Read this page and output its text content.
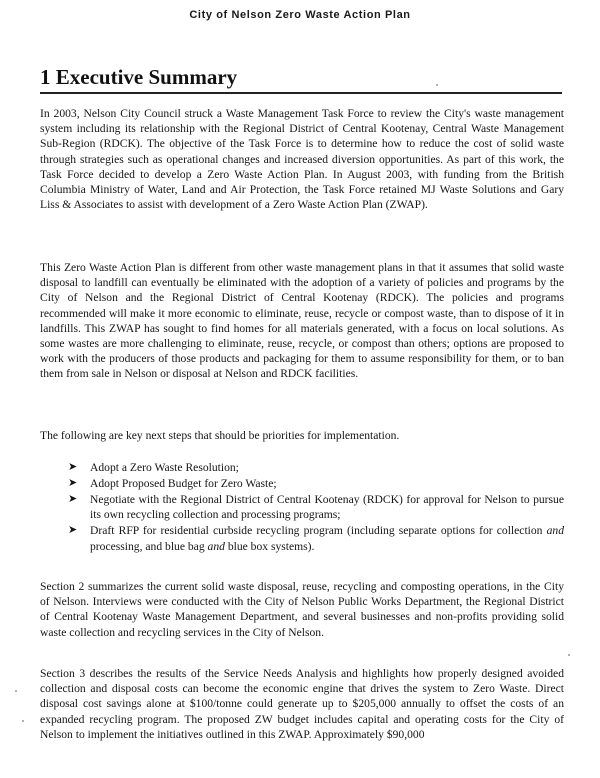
City of Nelson Zero Waste Action Plan
1 Executive Summary

In 2003, Nelson City Council struck a Waste Management Task Force to review the City's waste management system including its relationship with the Regional District of Central Kootenay, Central Waste Management Sub-Region (RDCK). The objective of the Task Force is to determine how to reduce the cost of solid waste through strategies such as operational changes and increased diversion opportunities. As part of this work, the Task Force decided to develop a Zero Waste Action Plan. In August 2003, with funding from the British Columbia Ministry of Water, Land and Air Protection, the Task Force retained MJ Waste Solutions and Gary Liss & Associates to assist with development of a Zero Waste Action Plan (ZWAP).

This Zero Waste Action Plan is different from other waste management plans in that it assumes that solid waste disposal to landfill can eventually be eliminated with the adoption of a variety of policies and programs by the City of Nelson and the Regional District of Central Kootenay (RDCK). The policies and programs recommended will make it more economic to eliminate, reuse, recycle or compost waste, than to dispose of it in landfills. This ZWAP has sought to find homes for all materials generated, with a focus on local solutions. As some wastes are more challenging to eliminate, reuse, recycle, or compost than others; options are proposed to work with the producers of those products and packaging for them to assume responsibility for them, or to ban them from sale in Nelson or disposal at Nelson and RDCK facilities.

The following are key next steps that should be priorities for implementation.

➤ Adopt a Zero Waste Resolution;
➤ Adopt Proposed Budget for Zero Waste;
➤ Negotiate with the Regional District of Central Kootenay (RDCK) for approval for Nelson to pursue its own recycling collection and processing programs;
➤ Draft RFP for residential curbside recycling program (including separate options for collection and processing, and blue bag and blue box systems).

Section 2 summarizes the current solid waste disposal, reuse, recycling and composting operations, in the City of Nelson. Interviews were conducted with the City of Nelson Public Works Department, the Regional District of Central Kootenay Waste Management Department, and several businesses and non-profits providing solid waste collection and recycling services in the City of Nelson.

Section 3 describes the results of the Service Needs Analysis and highlights how properly designed avoided collection and disposal costs can become the economic engine that drives the system to Zero Waste. Direct disposal cost savings alone at $100/tonne could generate up to $205,000 annually to offset the costs of an expanded recycling program. The proposed ZW budget includes capital and operating costs for the City of Nelson to implement the initiatives outlined in this ZWAP. Approximately $90,000
